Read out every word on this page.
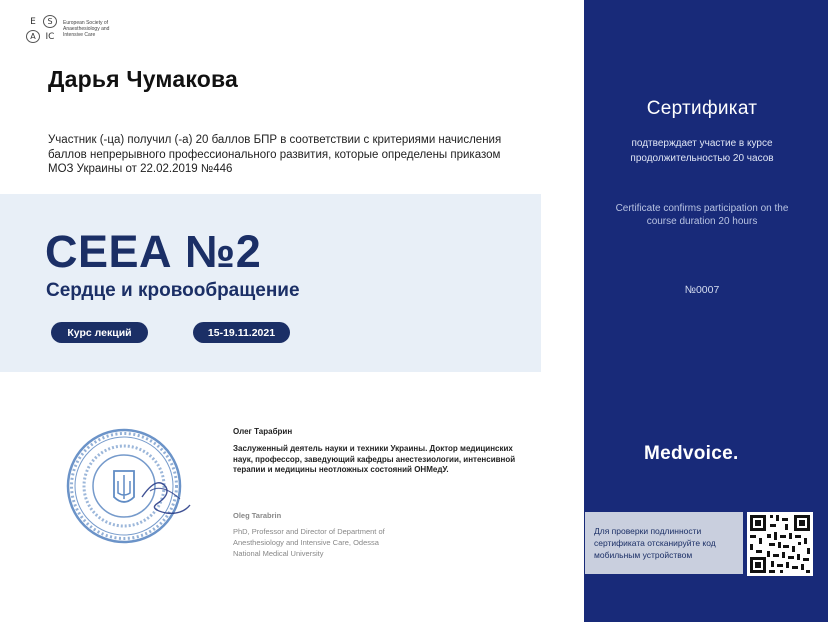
E	S
A	IC
European Society of Anaesthesiology and Intensive Care
Дарья Чумакова
Участник (-ца) получил (-а) 20 баллов БПР в соответствии с критериями начисления баллов непрерывного профессионального развития, которые определены приказом МОЗ Украины от 22.02.2019 №446
СЕЕА №2
Сердце и кровообращение
Курс лекций	15-19.11.2021
Олег Тарабрин
Заслуженный деятель науки и техники Украины. Доктор медицинских наук, профессор, заведующий кафедры анестезиологии, интенсивной терапии и медицины неотложных состояний ОНМедУ.
Oleg Tarabrin
PhD, Professor and Director of Department of Anesthesiology and Intensive Care, Odessa National Medical University
Сертификат
подтверждает участие в курсе продолжительностью 20 часов
Certificate confirms participation on the course duration 20 hours
№0007
Medvoice.
Для проверки подлинности сертификата отсканируйте код мобильным устройством
